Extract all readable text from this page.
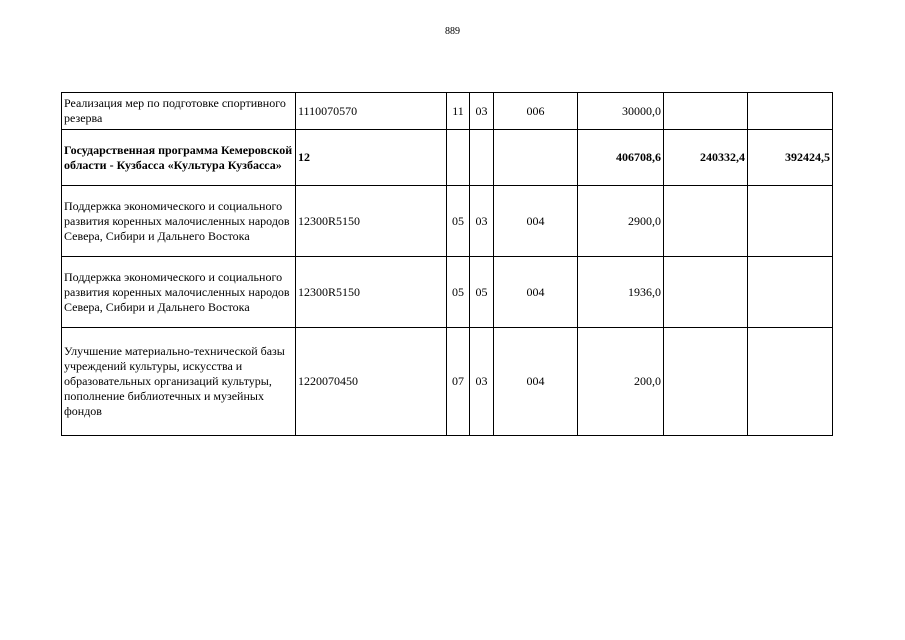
889
Реализация мер по подготовке спортивного резерва	1110070570	11	03	006	30000,0		
Государственная программа Кемеровской области - Кузбасса «Культура Кузбасса»	12				406708,6	240332,4	392424,5
Поддержка экономического и социального развития коренных малочисленных народов Севера, Сибири и Дальнего Востока	12300R5150	05	03	004	2900,0		
Поддержка экономического и социального развития коренных малочисленных народов Севера, Сибири и Дальнего Востока	12300R5150	05	05	004	1936,0		
Улучшение материально-технической базы учреждений культуры, искусства и образовательных организаций культуры, пополнение библиотечных и музейных фондов	1220070450	07	03	004	200,0		
